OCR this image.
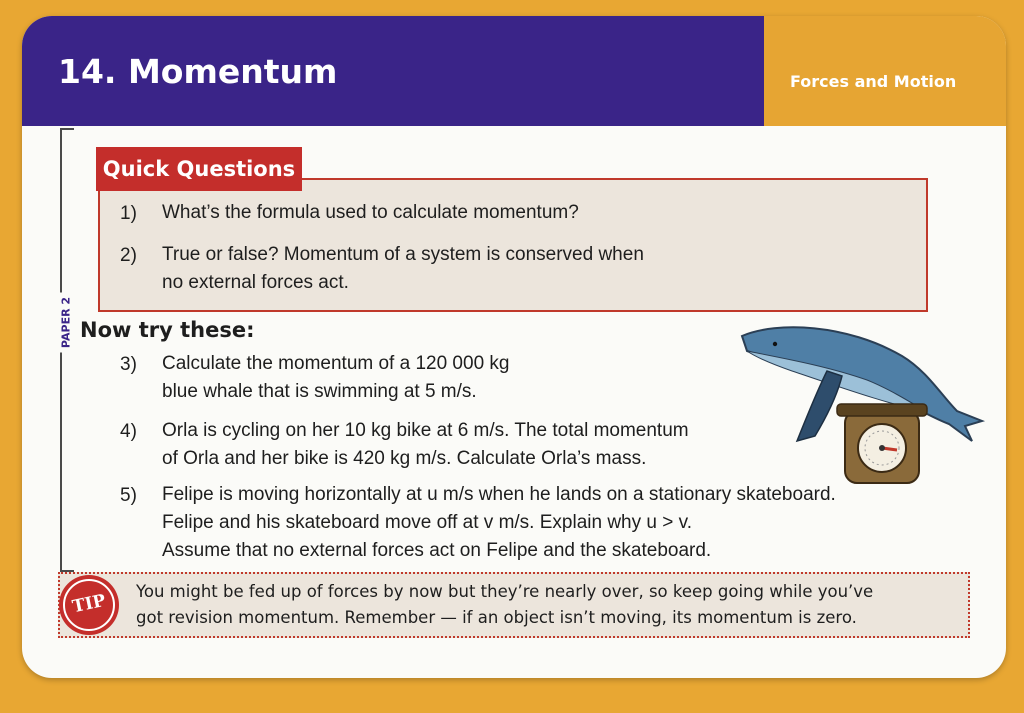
14. Momentum	Forces and Motion
PAPER 2
Quick Questions
1) What’s the formula used to calculate momentum?
2) True or false? Momentum of a system is conserved when
no external forces act.
Now try these:
3) Calculate the momentum of a 120 000 kg
blue whale that is swimming at 5 m/s.
4) Orla is cycling on her 10 kg bike at 6 m/s. The total momentum
of Orla and her bike is 420 kg m/s. Calculate Orla’s mass.
5) Felipe is moving horizontally at u m/s when he lands on a stationary skateboard.
Felipe and his skateboard move off at v m/s. Explain why u > v.
Assume that no external forces act on Felipe and the skateboard.
TIP	You might be fed up of forces by now but they’re nearly over, so keep going while you’ve
got revision momentum. Remember — if an object isn’t moving, its momentum is zero.
